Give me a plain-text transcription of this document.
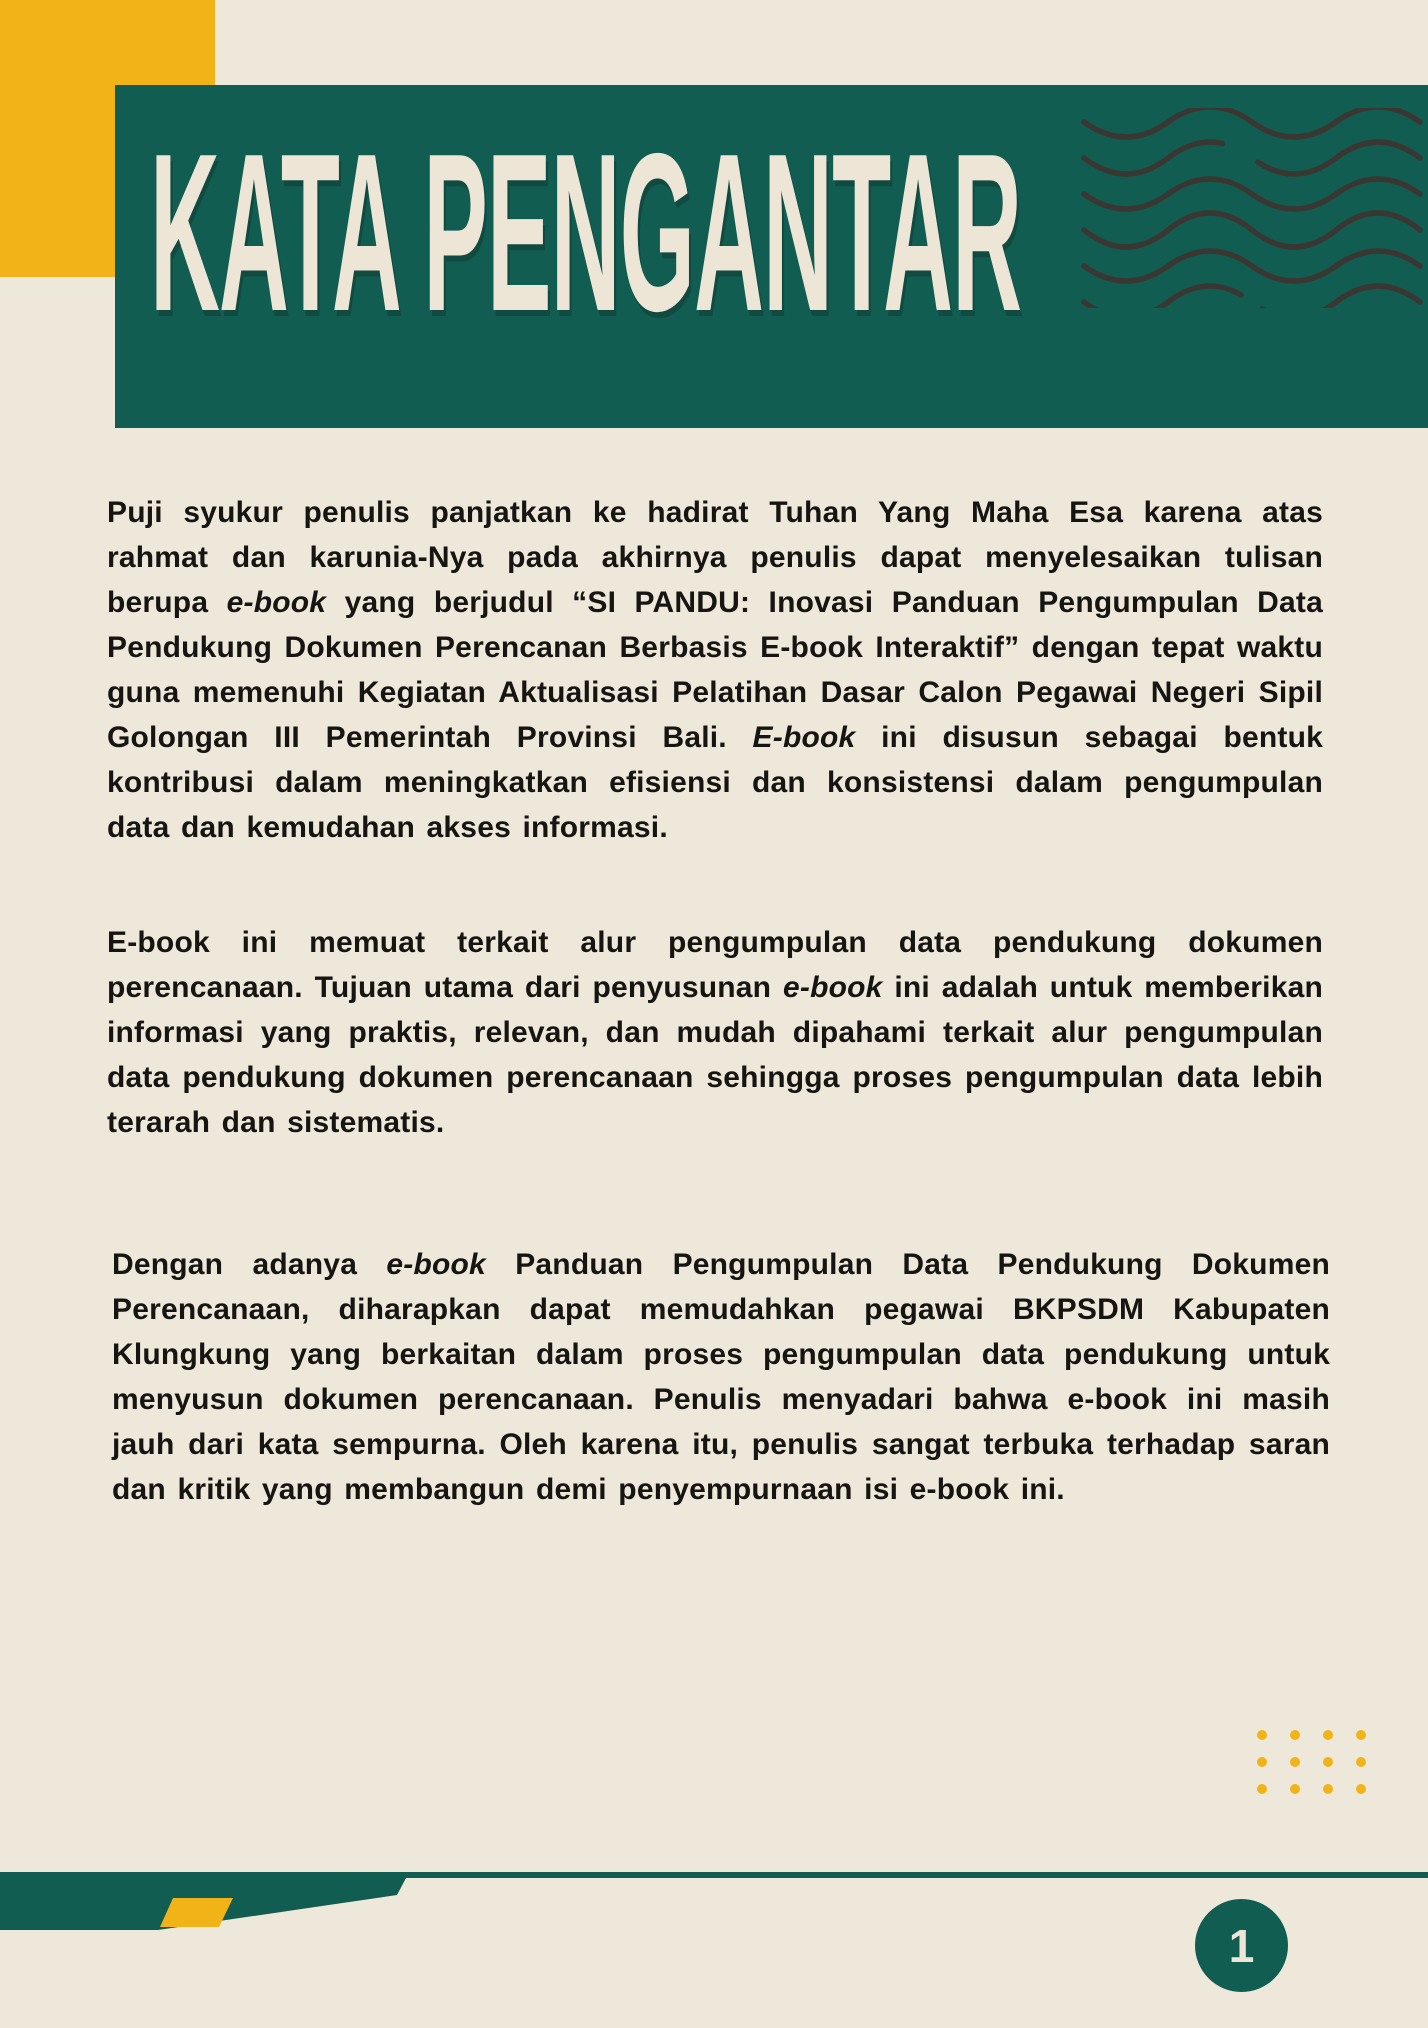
KATA PENGANTAR

Puji syukur penulis panjatkan ke hadirat Tuhan Yang Maha Esa karena atas rahmat dan karunia-Nya pada akhirnya penulis dapat menyelesaikan tulisan berupa e-book yang berjudul “SI PANDU: Inovasi Panduan Pengumpulan Data Pendukung Dokumen Perencanan Berbasis E-book Interaktif” dengan tepat waktu guna memenuhi Kegiatan Aktualisasi Pelatihan Dasar Calon Pegawai Negeri Sipil Golongan III Pemerintah Provinsi Bali. E-book ini disusun sebagai bentuk kontribusi dalam meningkatkan efisiensi dan konsistensi dalam pengumpulan data dan kemudahan akses informasi.

E-book ini memuat terkait alur pengumpulan data pendukung dokumen perencanaan. Tujuan utama dari penyusunan e-book ini adalah untuk memberikan informasi yang praktis, relevan, dan mudah dipahami terkait alur pengumpulan data pendukung dokumen perencanaan sehingga proses pengumpulan data lebih terarah dan sistematis.

Dengan adanya e-book Panduan Pengumpulan Data Pendukung Dokumen Perencanaan, diharapkan dapat memudahkan pegawai BKPSDM Kabupaten Klungkung yang berkaitan dalam proses pengumpulan data pendukung untuk menyusun dokumen perencanaan. Penulis menyadari bahwa e-book ini masih jauh dari kata sempurna. Oleh karena itu, penulis sangat terbuka terhadap saran dan kritik yang membangun demi penyempurnaan isi e-book ini.

1
